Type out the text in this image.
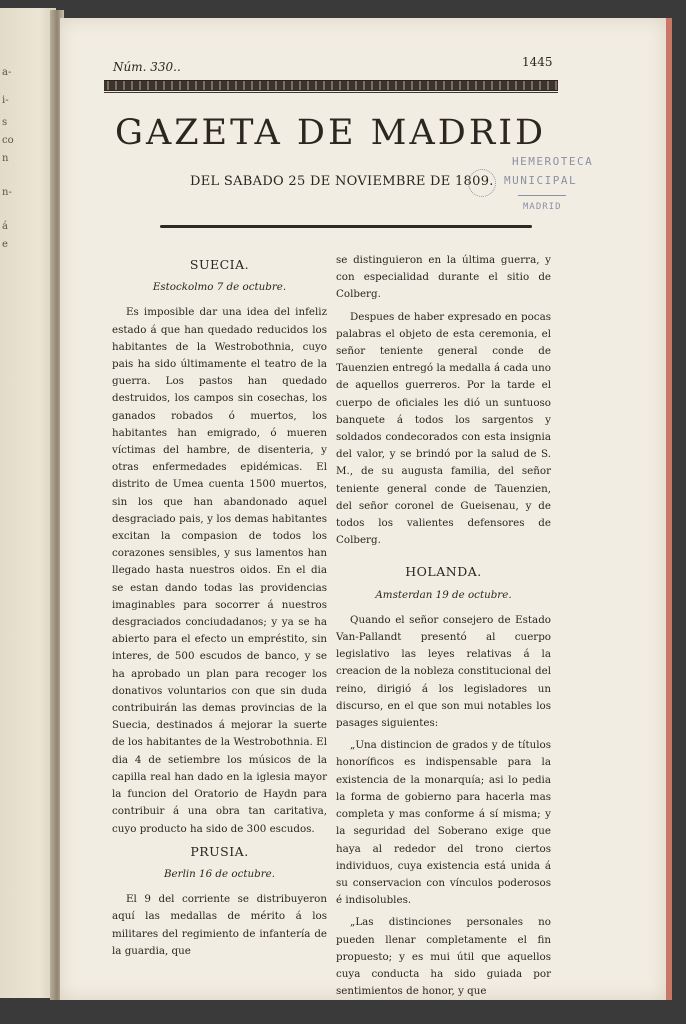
a-
i-
s
co
n
n-
á
e
Núm. 330..	1445
GAZETA DE MADRID
DEL SABADO 25 DE NOVIEMBRE DE 1809.
HEMEROTECA
MUNICIPAL
MADRID
SUECIA.

Estockolmo 7 de octubre.

Es imposible dar una idea del infeliz estado á que han quedado reducidos los habitantes de la Westrobothnia, cuyo pais ha sido últimamente el teatro de la guerra. Los pastos han quedado destruidos, los campos sin cosechas, los ganados robados ó muertos, los habitantes han emigrado, ó mueren víctimas del hambre, de disenteria, y otras enfermedades epidémicas. El distrito de Umea cuenta 1500 muertos, sin los que han abandonado aquel desgraciado pais, y los demas habitantes excitan la compasion de todos los corazones sensibles, y sus lamentos han llegado hasta nuestros oidos. En el dia se estan dando todas las providencias imaginables para socorrer á nuestros desgraciados conciudadanos; y ya se ha abierto para el efecto un empréstito, sin interes, de 500 escudos de banco, y se ha aprobado un plan para recoger los donativos voluntarios con que sin duda contribuirán las demas provincias de la Suecia, destinados á mejorar la suerte de los habitantes de la Westrobothnia. El dia 4 de setiembre los músicos de la capilla real han dado en la iglesia mayor la funcion del Oratorio de Haydn para contribuir á una obra tan caritativa, cuyo producto ha sido de 300 escudos.

PRUSIA.

Berlin 16 de octubre.

El 9 del corriente se distribuyeron aquí las medallas de mérito á los militares del regimiento de infantería de la guardia, que

se distinguieron en la última guerra, y con especialidad durante el sitio de Colberg.

Despues de haber expresado en pocas palabras el objeto de esta ceremonia, el señor teniente general conde de Tauenzien entregó la medalla á cada uno de aquellos guerreros. Por la tarde el cuerpo de oficiales les dió un suntuoso banquete á todos los sargentos y soldados condecorados con esta insignia del valor, y se brindó por la salud de S. M., de su augusta familia, del señor teniente general conde de Tauenzien, del señor coronel de Gueisenau, y de todos los valientes defensores de Colberg.

HOLANDA.

Amsterdan 19 de octubre.

Quando el señor consejero de Estado Van-Pallandt presentó al cuerpo legislativo las leyes relativas á la creacion de la nobleza constitucional del reino, dirigió á los legisladores un discurso, en el que son mui notables los pasages siguientes:

„Una distincion de grados y de títulos honoríficos es indispensable para la existencia de la monarquía; asi lo pedia la forma de gobierno para hacerla mas completa y mas conforme á sí misma; y la seguridad del Soberano exige que haya al rededor del trono ciertos individuos, cuya existencia está unida á su conservacion con vínculos poderosos é indisolubles.

„Las distinciones personales no pueden llenar completamente el fin propuesto; y es mui útil que aquellos cuya conducta ha sido guiada por sentimientos de honor, y que
